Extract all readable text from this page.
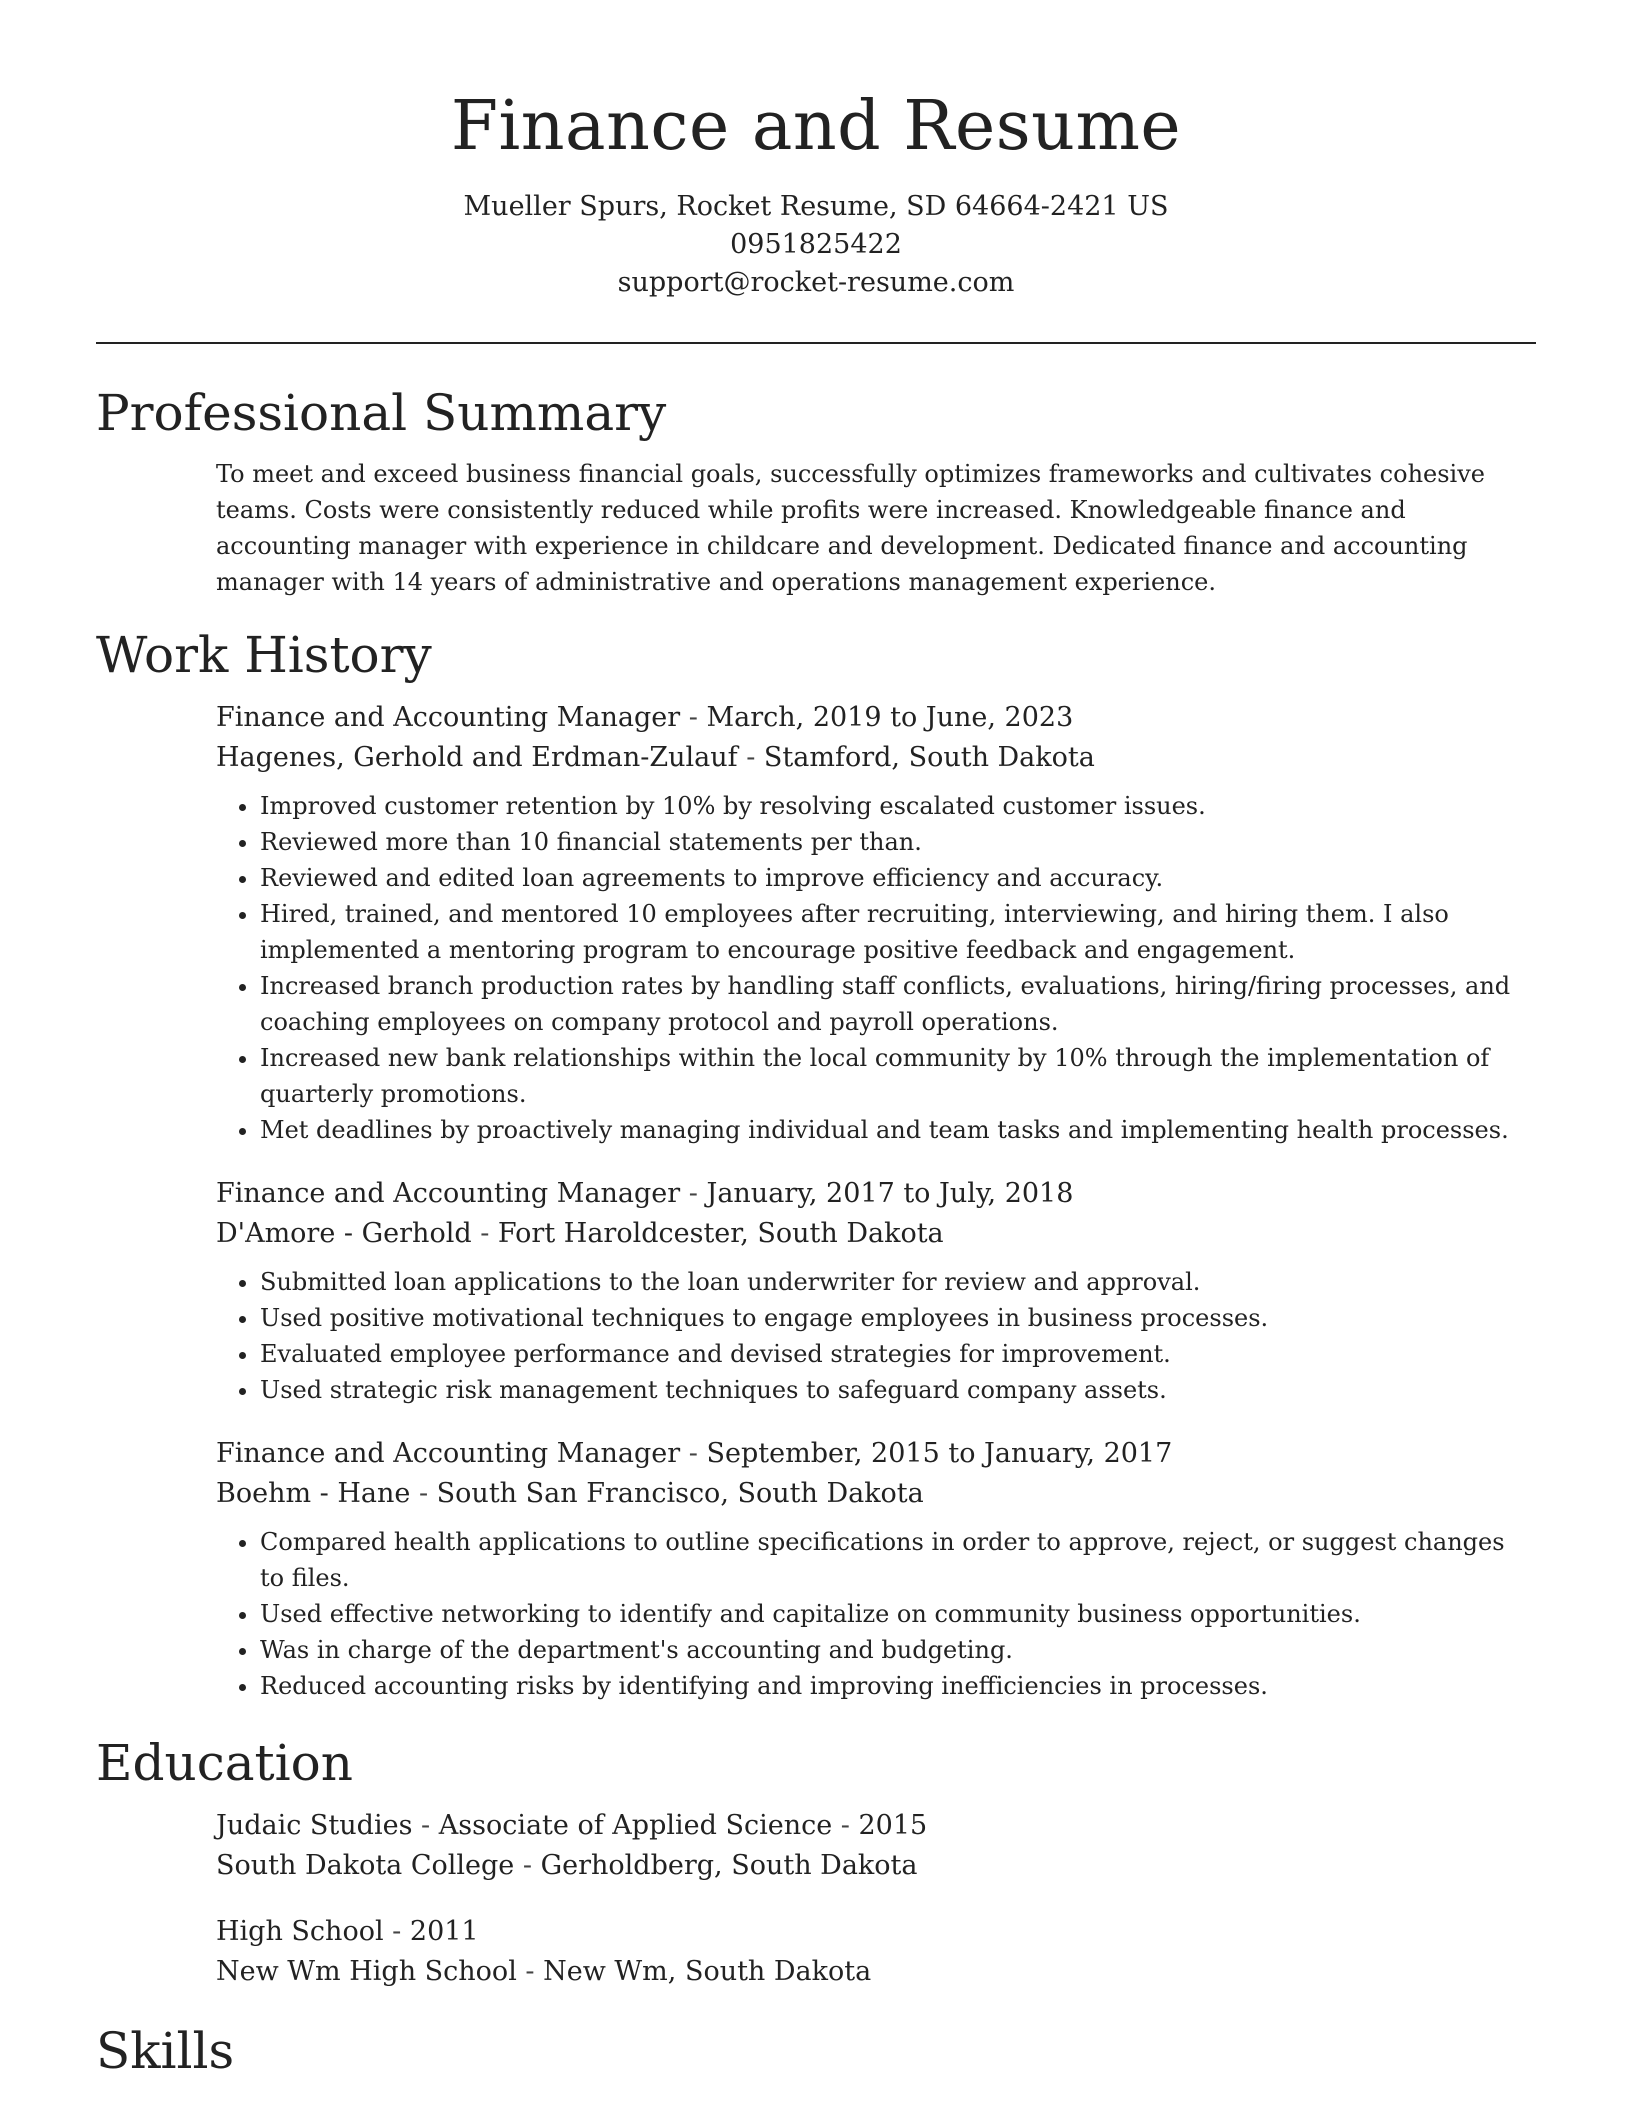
Finance and Resume
Mueller Spurs, Rocket Resume, SD 64664-2421 US
0951825422
support@rocket-resume.com
Professional Summary

To meet and exceed business financial goals, successfully optimizes frameworks and cultivates cohesive teams. Costs were consistently reduced while profits were increased. Knowledgeable finance and accounting manager with experience in childcare and development. Dedicated finance and accounting manager with 14 years of administrative and operations management experience.

Work History
Finance and Accounting Manager - March, 2019 to June, 2023
Hagenes, Gerhold and Erdman-Zulauf - Stamford, South Dakota
• Improved customer retention by 10% by resolving escalated customer issues.
• Reviewed more than 10 financial statements per than.
• Reviewed and edited loan agreements to improve efficiency and accuracy.
• Hired, trained, and mentored 10 employees after recruiting, interviewing, and hiring them. I also implemented a mentoring program to encourage positive feedback and engagement.
• Increased branch production rates by handling staff conflicts, evaluations, hiring/firing processes, and coaching employees on company protocol and payroll operations.
• Increased new bank relationships within the local community by 10% through the implementation of quarterly promotions.
• Met deadlines by proactively managing individual and team tasks and implementing health processes.
Finance and Accounting Manager - January, 2017 to July, 2018
D'Amore - Gerhold - Fort Haroldcester, South Dakota
• Submitted loan applications to the loan underwriter for review and approval.
• Used positive motivational techniques to engage employees in business processes.
• Evaluated employee performance and devised strategies for improvement.
• Used strategic risk management techniques to safeguard company assets.
Finance and Accounting Manager - September, 2015 to January, 2017
Boehm - Hane - South San Francisco, South Dakota
• Compared health applications to outline specifications in order to approve, reject, or suggest changes to files.
• Used effective networking to identify and capitalize on community business opportunities.
• Was in charge of the department's accounting and budgeting.
• Reduced accounting risks by identifying and improving inefficiencies in processes.
Education
Judaic Studies - Associate of Applied Science - 2015
South Dakota College - Gerholdberg, South Dakota
High School - 2011
New Wm High School - New Wm, South Dakota
Skills
